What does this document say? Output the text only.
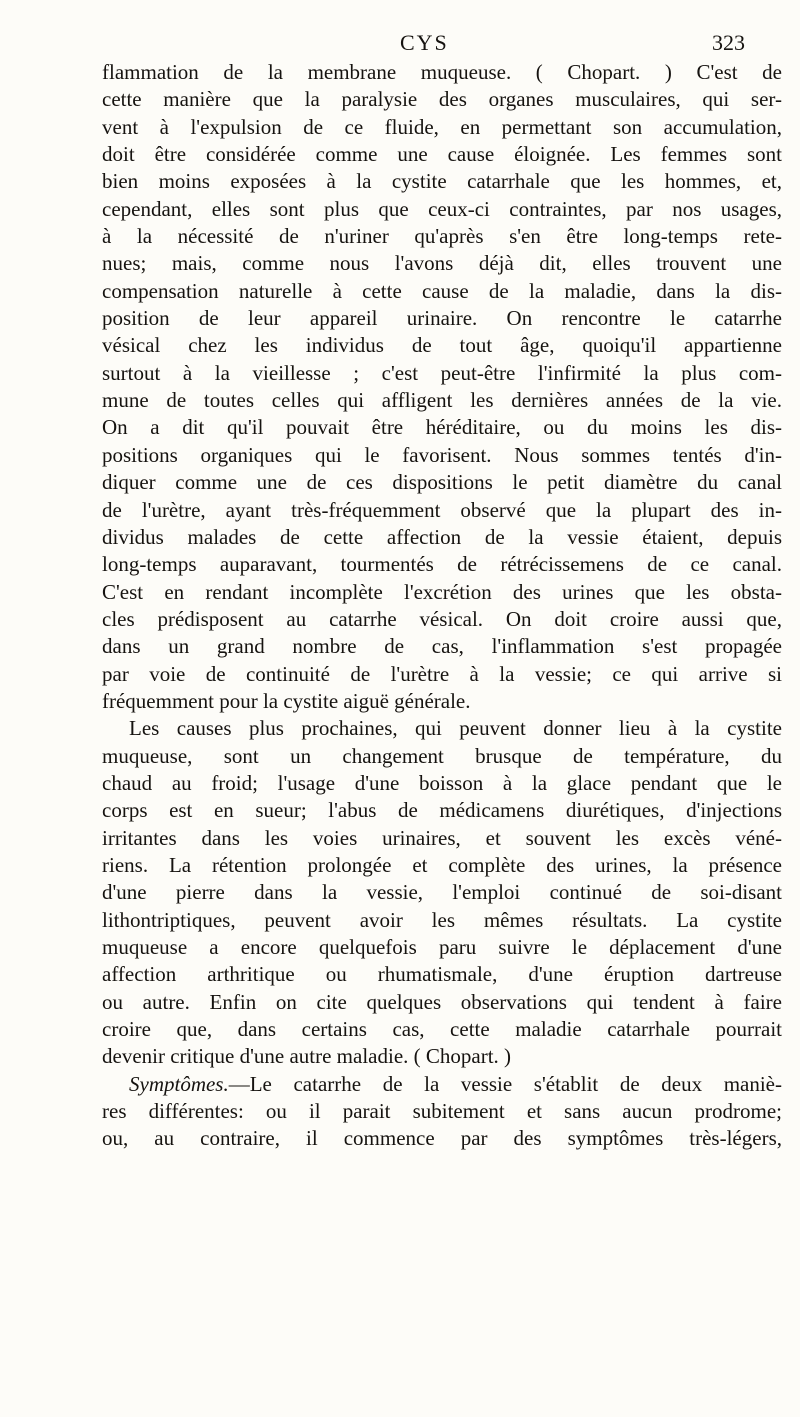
CYS	323
flammation de la membrane muqueuse. ( Chopart. ) C'est de
cette manière que la paralysie des organes musculaires, qui ser-
vent à l'expulsion de ce fluide, en permettant son accumulation,
doit être considérée comme une cause éloignée. Les femmes sont
bien moins exposées à la cystite catarrhale que les hommes, et,
cependant, elles sont plus que ceux-ci contraintes, par nos usages,
à la nécessité de n'uriner qu'après s'en être long-temps rete-
nues; mais, comme nous l'avons déjà dit, elles trouvent une
compensation naturelle à cette cause de la maladie, dans la dis-
position de leur appareil urinaire. On rencontre le catarrhe
vésical chez les individus de tout âge, quoiqu'il appartienne
surtout à la vieillesse ; c'est peut-être l'infirmité la plus com-
mune de toutes celles qui affligent les dernières années de la vie.
On a dit qu'il pouvait être héréditaire, ou du moins les dis-
positions organiques qui le favorisent. Nous sommes tentés d'in-
diquer comme une de ces dispositions le petit diamètre du canal
de l'urètre, ayant très-fréquemment observé que la plupart des in-
dividus malades de cette affection de la vessie étaient, depuis
long-temps auparavant, tourmentés de rétrécissemens de ce canal.
C'est en rendant incomplète l'excrétion des urines que les obsta-
cles prédisposent au catarrhe vésical. On doit croire aussi que,
dans un grand nombre de cas, l'inflammation s'est propagée
par voie de continuité de l'urètre à la vessie; ce qui arrive si
fréquemment pour la cystite aiguë générale.
Les causes plus prochaines, qui peuvent donner lieu à la cystite
muqueuse, sont un changement brusque de température, du
chaud au froid; l'usage d'une boisson à la glace pendant que le
corps est en sueur; l'abus de médicamens diurétiques, d'injections
irritantes dans les voies urinaires, et souvent les excès véné-
riens. La rétention prolongée et complète des urines, la présence
d'une pierre dans la vessie, l'emploi continué de soi-disant
lithontriptiques, peuvent avoir les mêmes résultats. La cystite
muqueuse a encore quelquefois paru suivre le déplacement d'une
affection arthritique ou rhumatismale, d'une éruption dartreuse
ou autre. Enfin on cite quelques observations qui tendent à faire
croire que, dans certains cas, cette maladie catarrhale pourrait
devenir critique d'une autre maladie. ( Chopart. )
Symptômes.—Le catarrhe de la vessie s'établit de deux maniè-
res différentes: ou il parait subitement et sans aucun prodrome;
ou, au contraire, il commence par des symptômes très-légers,
